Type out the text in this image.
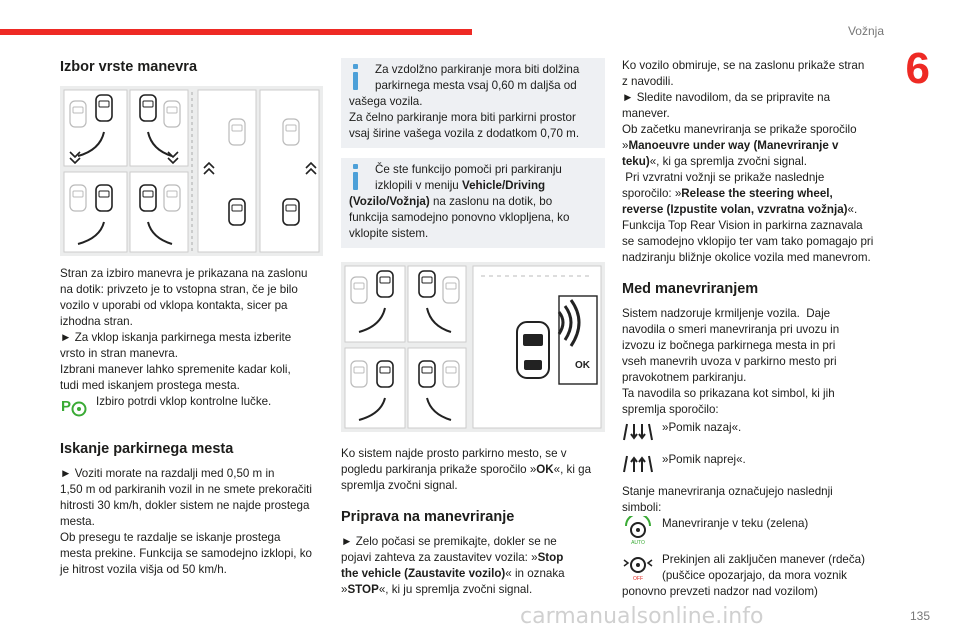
Vožnja
6
135
Izbor vrste manevra
Stran za izbiro manevra je prikazana na zaslonu
na dotik: privzeto je to vstopna stran, če je bilo
vozilo v uporabi od vklopa kontakta, sicer pa
izhodna stran.
► Za vklop iskanja parkirnega mesta izberite
vrsto in stran manevra.
Izbrani manever lahko spremenite kadar koli,
tudi med iskanjem prostega mesta.
P Izbiro potrdi vklop kontrolne lučke.
Iskanje parkirnega mesta
► Voziti morate na razdalji med 0,50 m in
1,50 m od parkiranih vozil in ne smete prekoračiti
hitrosti 30 km/h, dokler sistem ne najde prostega
mesta.
Ob presegu te razdalje se iskanje prostega
mesta prekine. Funkcija se samodejno izklopi, ko
je hitrost vozila višja od 50 km/h.
Za vzdolžno parkiranje mora biti dolžina
parkirnega mesta vsaj 0,60 m daljša od
vašega vozila.
Za čelno parkiranje mora biti parkirni prostor
vsaj širine vašega vozila z dodatkom 0,70 m.
Če ste funkcijo pomoči pri parkiranju
izklopili v meniju Vehicle/Driving
(Vozilo/Vožnja) na zaslonu na dotik, bo
funkcija samodejno ponovno vklopljena, ko
vklopite sistem.
OK
Ko sistem najde prosto parkirno mesto, se v
pogledu parkiranja prikaže sporočilo »OK«, ki ga
spremlja zvočni signal.
Priprava na manevriranje
► Zelo počasi se premikajte, dokler se ne
pojavi zahteva za zaustavitev vozila: »Stop
the vehicle (Zaustavite vozilo)« in oznaka
»STOP«, ki ju spremlja zvočni signal.
Ko vozilo obmiruje, se na zaslonu prikaže stran
z navodili.
► Sledite navodilom, da se pripravite na
manever.
Ob začetku manevriranja se prikaže sporočilo
»Manoeuvre under way (Manevriranje v
teku)«, ki ga spremlja zvočni signal.
Pri vzvratni vožnji se prikaže naslednje
sporočilo: »Release the steering wheel,
reverse (Izpustite volan, vzvratna vožnja)«.
Funkcija Top Rear Vision in parkirna zaznavala
se samodejno vklopijo ter vam tako pomagajo pri
nadziranju bližnje okolice vozila med manevrom.
Med manevriranjem
Sistem nadzoruje krmiljenje vozila.  Daje
navodila o smeri manevriranja pri uvozu in
izvozu iz bočnega parkirnega mesta in pri
vseh manevrih uvoza v parkirno mesto pri
pravokotnem parkiranju.
Ta navodila so prikazana kot simbol, ki jih
spremlja sporočilo:
»Pomik nazaj«.
»Pomik naprej«.
Stanje manevriranja označujejo naslednji
simboli:
AUTO
Manevriranje v teku (zelena)
OFF
Prekinjen ali zaključen manever (rdeča)
(puščice opozarjajo, da mora voznik
ponovno prevzeti nadzor nad vozilom)
carmanualsonline.info
